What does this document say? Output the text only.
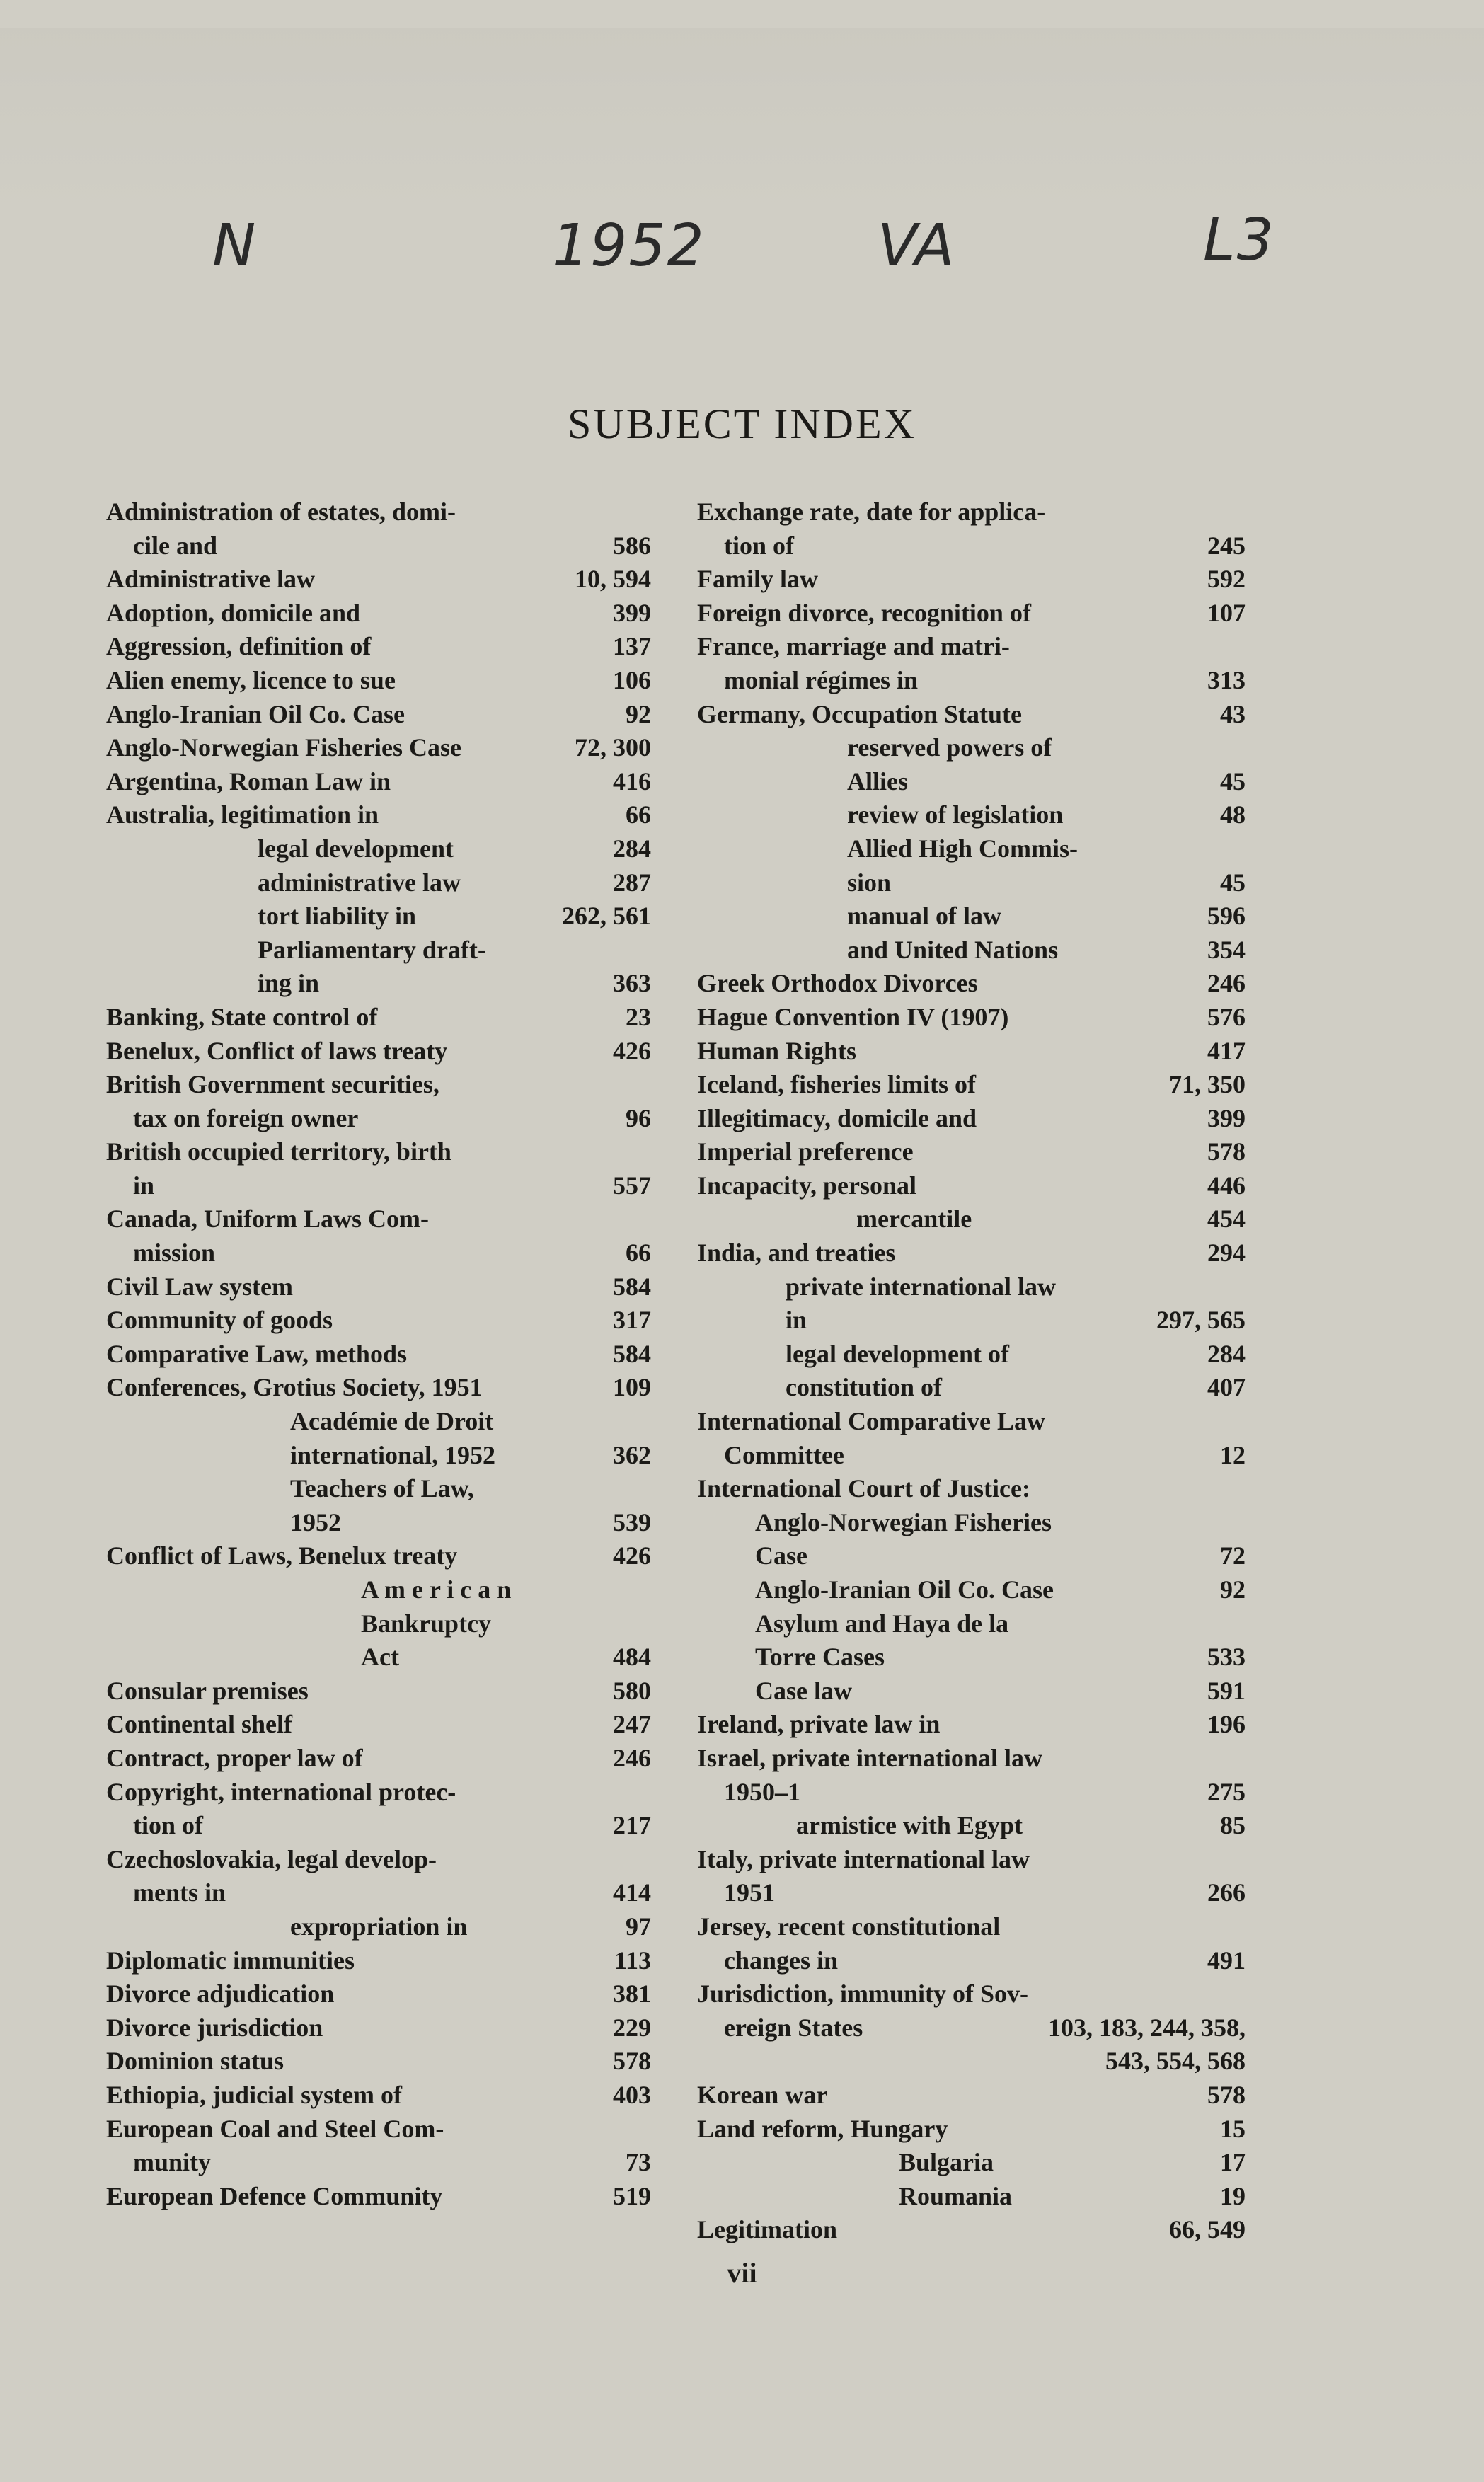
N	1952	VA	L3
SUBJECT INDEX
Administration of estates, domi-
cile and	586
Administrative law	10, 594
Adoption, domicile and	399
Aggression, definition of	137
Alien enemy, licence to sue	106
Anglo-Iranian Oil Co. Case	92
Anglo-Norwegian Fisheries Case	72, 300
Argentina, Roman Law in	416
Australia, legitimation in	66
legal development	284
administrative law	287
tort liability in	262, 561
Parliamentary draft-
ing in	363
Banking, State control of	23
Benelux, Conflict of laws treaty	426
British Government securities,
tax on foreign owner	96
British occupied territory, birth
in	557
Canada, Uniform Laws Com-
mission	66
Civil Law system	584
Community of goods	317
Comparative Law, methods	584
Conferences, Grotius Society, 1951	109
Académie de Droit
international, 1952	362
Teachers of Law,
1952	539
Conflict of Laws, Benelux treaty	426
A m e r i c a n
Bankruptcy
Act	484
Consular premises	580
Continental shelf	247
Contract, proper law of	246
Copyright, international protec-
tion of	217
Czechoslovakia, legal develop-
ments in	414
expropriation in	97
Diplomatic immunities	113
Divorce adjudication	381
Divorce jurisdiction	229
Dominion status	578
Ethiopia, judicial system of	403
European Coal and Steel Com-
munity	73
European Defence Community	519
Exchange rate, date for applica-
tion of	245
Family law	592
Foreign divorce, recognition of	107
France, marriage and matri-
monial régimes in	313
Germany, Occupation Statute	43
reserved powers of
Allies	45
review of legislation	48
Allied High Commis-
sion	45
manual of law	596
and United Nations	354
Greek Orthodox Divorces	246
Hague Convention IV (1907)	576
Human Rights	417
Iceland, fisheries limits of	71, 350
Illegitimacy, domicile and	399
Imperial preference	578
Incapacity, personal	446
mercantile	454
India, and treaties	294
private international law
in	297, 565
legal development of	284
constitution of	407
International Comparative Law
Committee	12
International Court of Justice:
Anglo-Norwegian Fisheries
Case	72
Anglo-Iranian Oil Co. Case	92
Asylum and Haya de la
Torre Cases	533
Case law	591
Ireland, private law in	196
Israel, private international law
1950–1	275
armistice with Egypt	85
Italy, private international law
1951	266
Jersey, recent constitutional
changes in	491
Jurisdiction, immunity of Sov-
ereign States	103, 183, 244, 358,

543, 554, 568
Korean war	578
Land reform, Hungary	15
Bulgaria	17
Roumania	19
Legitimation	66, 549
vii
